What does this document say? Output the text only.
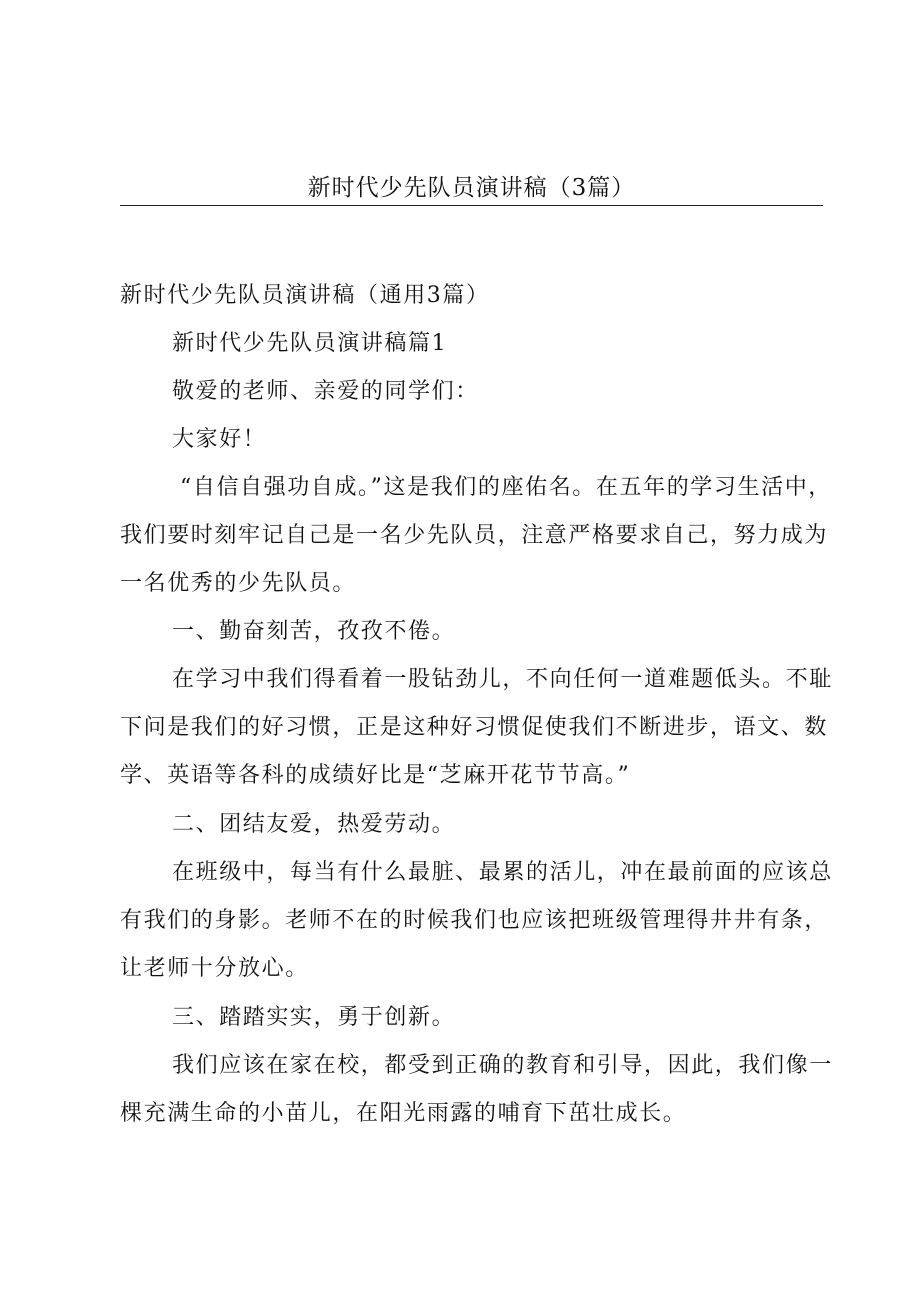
新时代少先队员演讲稿（3篇）
新时代少先队员演讲稿（通用3篇）
新时代少先队员演讲稿篇1
敬爱的老师、亲爱的同学们：
大家好！
“自信自强功自成。”这是我们的座佑名。在五年的学习生活中，
我们要时刻牢记自己是一名少先队员，注意严格要求自己，努力成为
一名优秀的少先队员。
一、勤奋刻苦，孜孜不倦。
在学习中我们得看着一股钻劲儿，不向任何一道难题低头。不耻
下问是我们的好习惯，正是这种好习惯促使我们不断进步，语文、数
学、英语等各科的成绩好比是“芝麻开花节节高。”
二、团结友爱，热爱劳动。
在班级中，每当有什么最脏、最累的活儿，冲在最前面的应该总
有我们的身影。老师不在的时候我们也应该把班级管理得井井有条，
让老师十分放心。
三、踏踏实实，勇于创新。
我们应该在家在校，都受到正确的教育和引导，因此，我们像一
棵充满生命的小苗儿，在阳光雨露的哺育下茁壮成长。
